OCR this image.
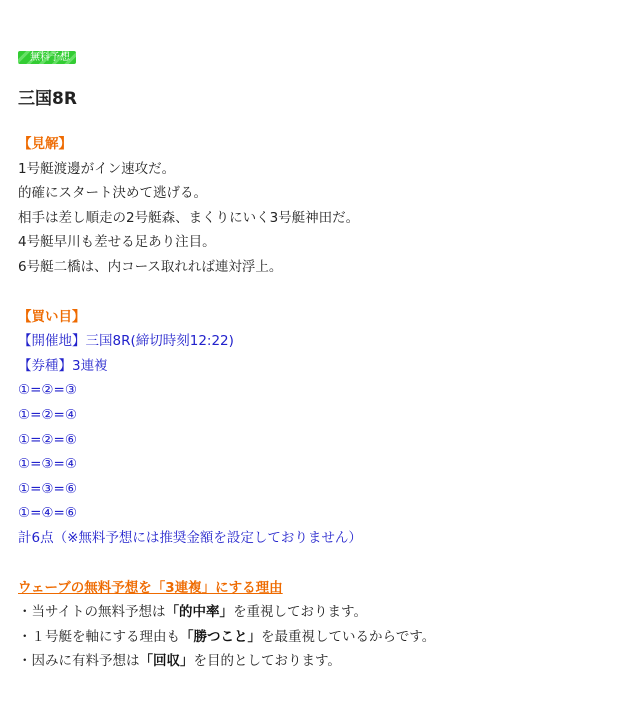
無料予想
三国8R
【見解】
1号艇渡邊がイン速攻だ。
的確にスタート決めて逃げる。
相手は差し順走の2号艇森、まくりにいく3号艇神田だ。
4号艇早川も差せる足あり注目。
6号艇二橋は、内コース取れれば連対浮上。
【買い目】
【開催地】三国8R(締切時刻12:22)
【券種】3連複
①=②=③
①=②=④
①=②=⑥
①=③=④
①=③=⑥
①=④=⑥
計6点（※無料予想には推奨金額を設定しておりません）
ウェーブの無料予想を「3連複」にする理由
・当サイトの無料予想は「的中率」を重視しております。
・１号艇を軸にする理由も「勝つこと」を最重視しているからです。
・因みに有料予想は「回収」を目的としております。
